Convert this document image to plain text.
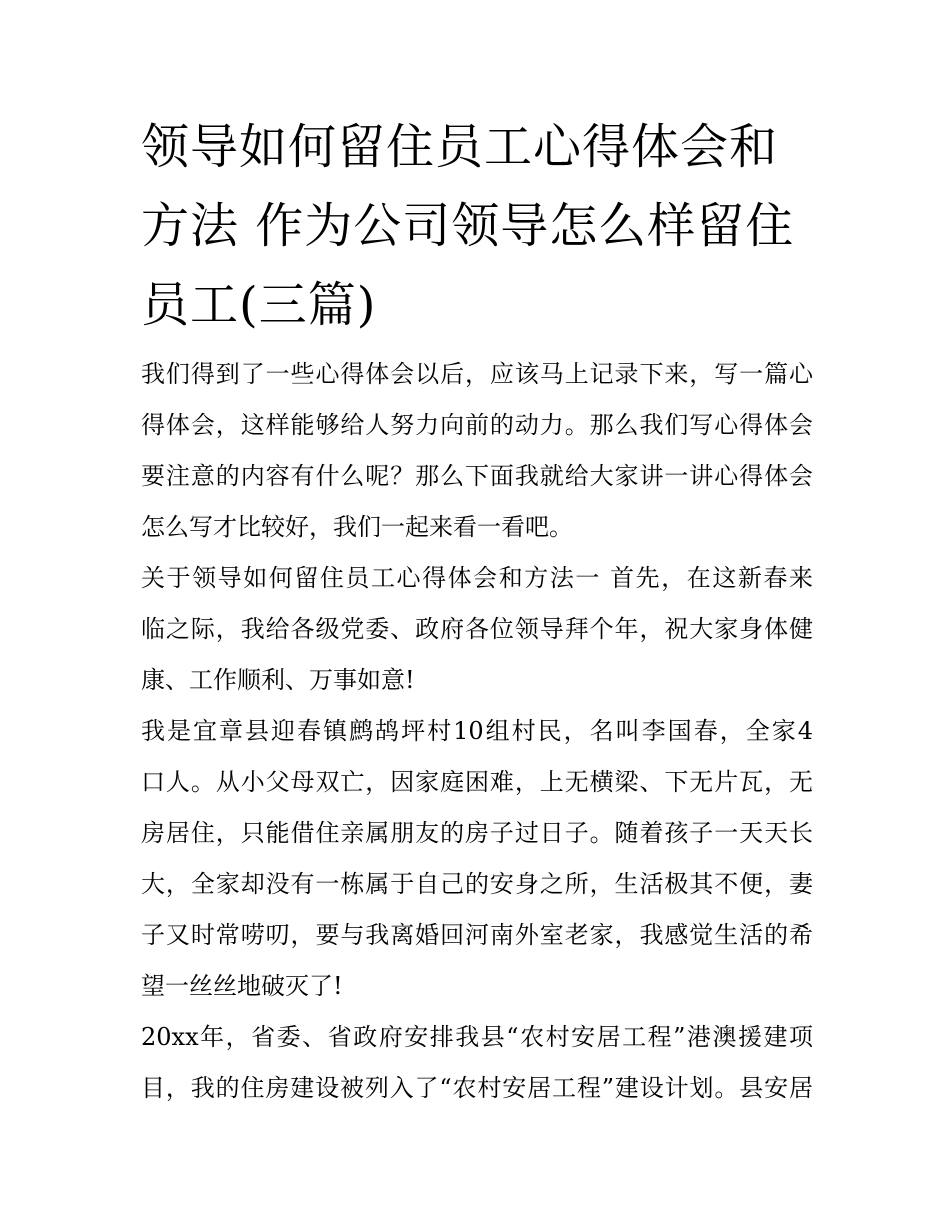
领导如何留住员工心得体会和
方法 作为公司领导怎么样留住
员工(三篇)

我们得到了一些心得体会以后，应该马上记录下来，写一篇心
得体会，这样能够给人努力向前的动力。那么我们写心得体会
要注意的内容有什么呢？那么下面我就给大家讲一讲心得体会
怎么写才比较好，我们一起来看一看吧。

关于领导如何留住员工心得体会和方法一 首先，在这新春来
临之际，我给各级党委、政府各位领导拜个年，祝大家身体健
康、工作顺利、万事如意!

我是宜章县迎春镇鹧鸪坪村10组村民，名叫李国春，全家4
口人。从小父母双亡，因家庭困难，上无横梁、下无片瓦，无
房居住，只能借住亲属朋友的房子过日子。随着孩子一天天长
大，全家却没有一栋属于自己的安身之所，生活极其不便，妻
子又时常唠叨，要与我离婚回河南外室老家，我感觉生活的希
望一丝丝地破灭了!

20xx年，省委、省政府安排我县“农村安居工程”港澳援建项
目，我的住房建设被列入了“农村安居工程”建设计划。县安居
